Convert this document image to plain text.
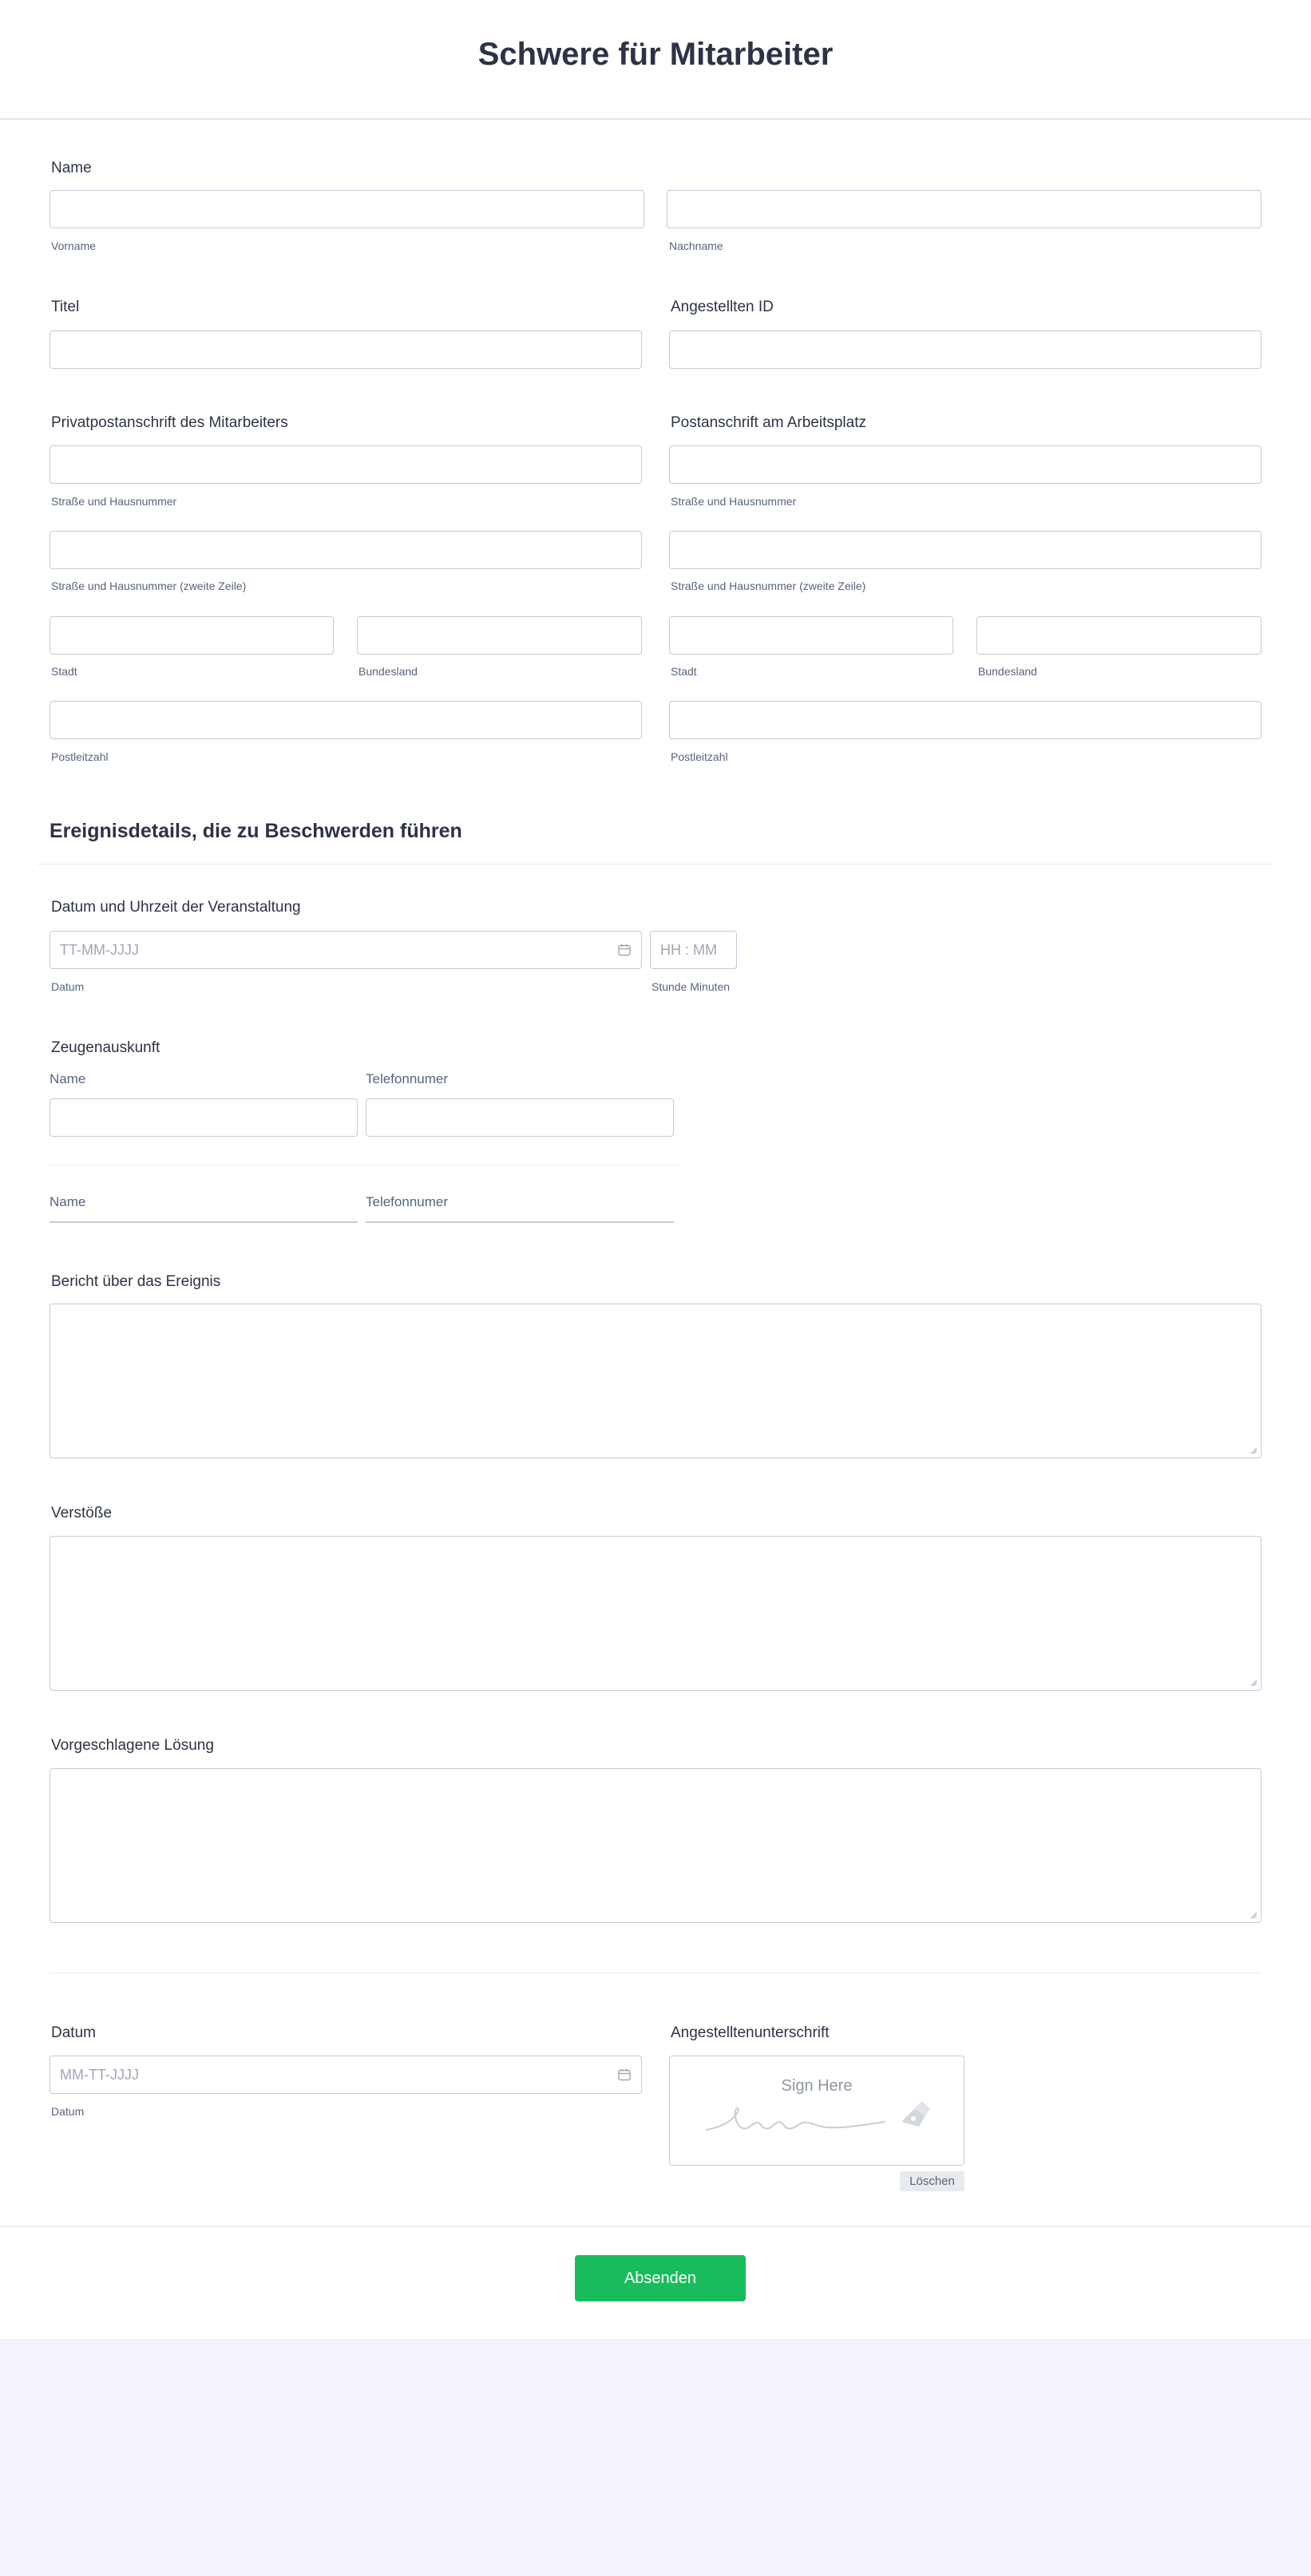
Schwere für Mitarbeiter
Name
Vorname	Nachname
Titel	Angestellten ID
Privatpostanschrift des Mitarbeiters	Postanschrift am Arbeitsplatz
Straße und Hausnummer	Straße und Hausnummer
Straße und Hausnummer (zweite Zeile)	Straße und Hausnummer (zweite Zeile)
Stadt	Bundesland	Stadt	Bundesland
Postleitzahl	Postleitzahl
Ereignisdetails, die zu Beschwerden führen
Datum und Uhrzeit der Veranstaltung
TT-MM-JJJJ	HH : MM
Datum	Stunde Minuten
Zeugenauskunft
Name	Telefonnumer
Name	Telefonnumer
Bericht über das Ereignis
Verstöße
Vorgeschlagene Lösung
Datum	Angestelltenunterschrift
MM-TT-JJJJ
Datum
Sign Here
Löschen
Absenden
